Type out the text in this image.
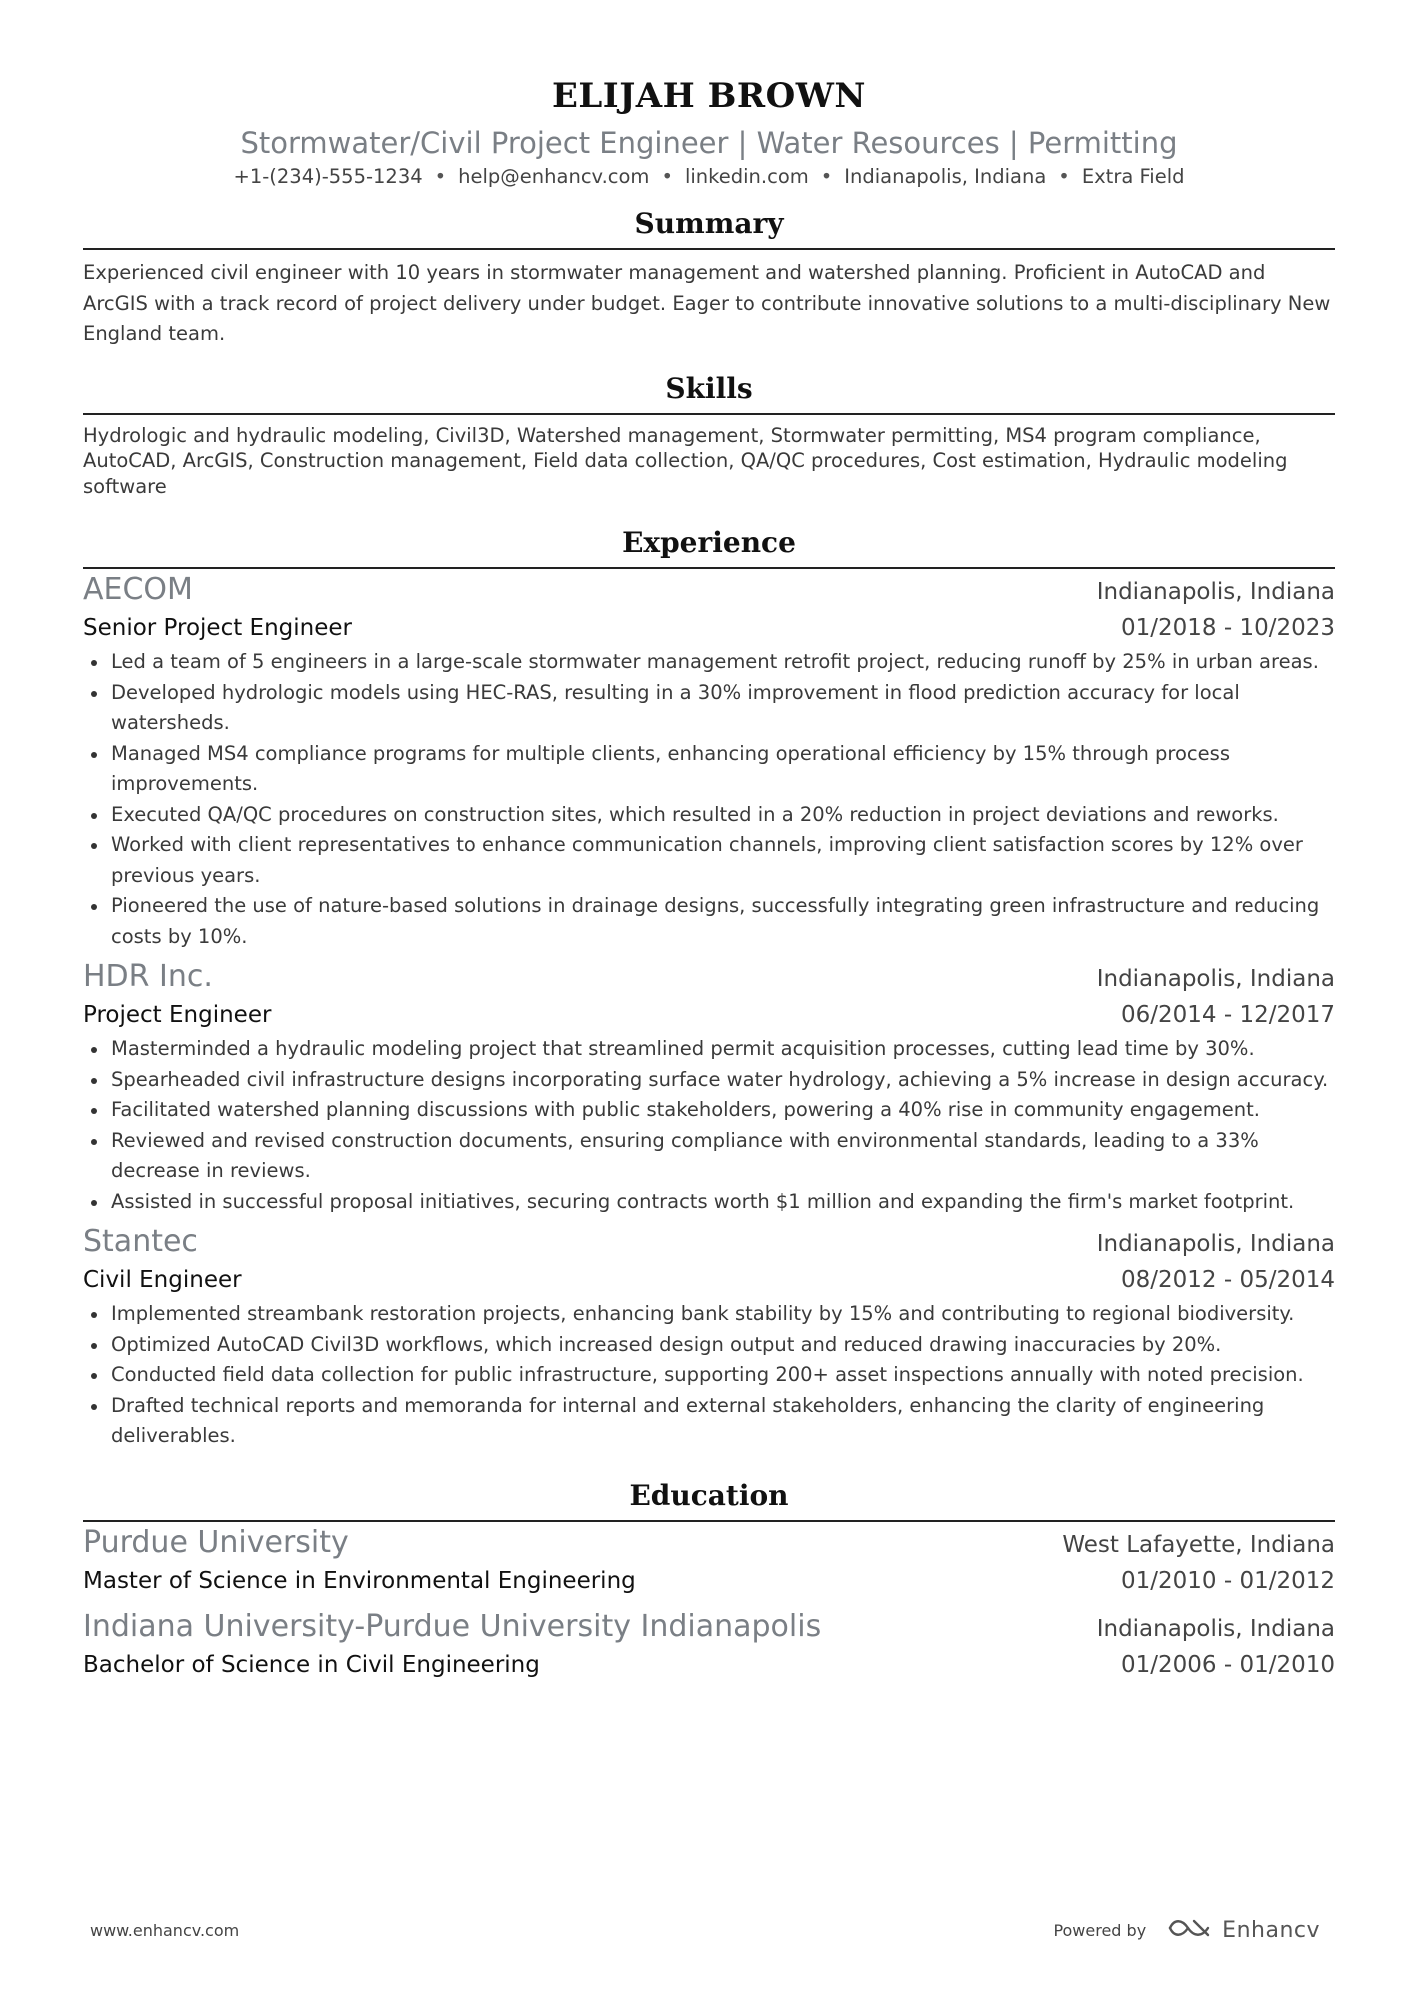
ELIJAH BROWN
Stormwater/Civil Project Engineer | Water Resources | Permitting
+1-(234)-555-1234 • help@enhancv.com • linkedin.com • Indianapolis, Indiana • Extra Field
Summary

Experienced civil engineer with 10 years in stormwater management and watershed planning. Proficient in AutoCAD and ArcGIS with a track record of project delivery under budget. Eager to contribute innovative solutions to a multi-disciplinary New England team.

Skills

Hydrologic and hydraulic modeling, Civil3D, Watershed management, Stormwater permitting, MS4 program compliance, AutoCAD, ArcGIS, Construction management, Field data collection, QA/QC procedures, Cost estimation, Hydraulic modeling software

Experience
AECOM	Indianapolis, Indiana
Senior Project Engineer	01/2018 - 10/2023
Led a team of 5 engineers in a large-scale stormwater management retrofit project, reducing runoff by 25% in urban areas.
Developed hydrologic models using HEC-RAS, resulting in a 30% improvement in flood prediction accuracy for local watersheds.
Managed MS4 compliance programs for multiple clients, enhancing operational efficiency by 15% through process improvements.
Executed QA/QC procedures on construction sites, which resulted in a 20% reduction in project deviations and reworks.
Worked with client representatives to enhance communication channels, improving client satisfaction scores by 12% over previous years.
Pioneered the use of nature-based solutions in drainage designs, successfully integrating green infrastructure and reducing costs by 10%.
HDR Inc.	Indianapolis, Indiana
Project Engineer	06/2014 - 12/2017
Masterminded a hydraulic modeling project that streamlined permit acquisition processes, cutting lead time by 30%.
Spearheaded civil infrastructure designs incorporating surface water hydrology, achieving a 5% increase in design accuracy.
Facilitated watershed planning discussions with public stakeholders, powering a 40% rise in community engagement.
Reviewed and revised construction documents, ensuring compliance with environmental standards, leading to a 33% decrease in reviews.
Assisted in successful proposal initiatives, securing contracts worth $1 million and expanding the firm's market footprint.
Stantec	Indianapolis, Indiana
Civil Engineer	08/2012 - 05/2014
Implemented streambank restoration projects, enhancing bank stability by 15% and contributing to regional biodiversity.
Optimized AutoCAD Civil3D workflows, which increased design output and reduced drawing inaccuracies by 20%.
Conducted field data collection for public infrastructure, supporting 200+ asset inspections annually with noted precision.
Drafted technical reports and memoranda for internal and external stakeholders, enhancing the clarity of engineering deliverables.
Education
Purdue University	West Lafayette, Indiana
Master of Science in Environmental Engineering	01/2010 - 01/2012
Indiana University-Purdue University Indianapolis	Indianapolis, Indiana
Bachelor of Science in Civil Engineering	01/2006 - 01/2010
www.enhancv.com	Powered by	Enhancv
